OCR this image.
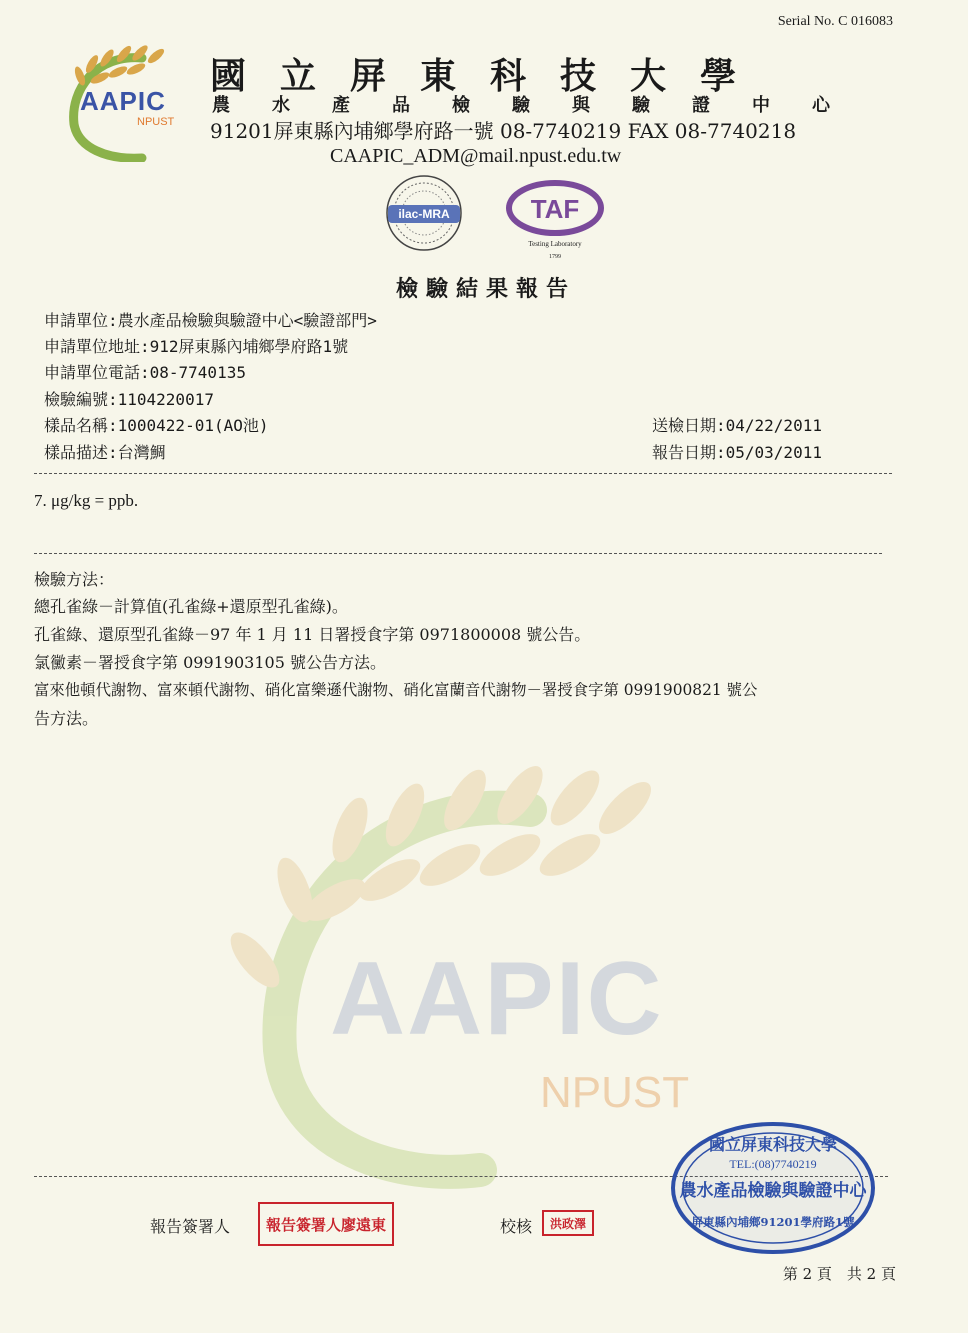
AAPIC
NPUST
Serial No. C 016083
AAPIC
NPUST
國立屏東科技大學
農水產品檢驗與驗證中心
91201屏東縣內埔鄉學府路一號 08-7740219 FAX 08-7740218
CAAPIC_ADM@mail.npust.edu.tw
ilac-MRA	TAF
Testing Laboratory
1799
檢驗結果報告
申請單位:農水產品檢驗與驗證中心<驗證部門>
申請單位地址:912屏東縣內埔鄉學府路1號
申請單位電話:08-7740135
檢驗編號:1104220017
樣品名稱:1000422-01(AO池)
樣品描述:台灣鯛
送檢日期:04/22/2011
報告日期:05/03/2011
7. μg/kg = ppb.
檢驗方法：
總孔雀綠－計算值(孔雀綠+還原型孔雀綠)。
孔雀綠、還原型孔雀綠－97 年 1 月 11 日署授食字第 0971800008 號公告。
氯黴素－署授食字第 0991903105 號公告方法。
富來他頓代謝物、富來頓代謝物、硝化富樂遜代謝物、硝化富蘭音代謝物－署授食字第 0991900821 號公
告方法。
報告簽署人	報告簽署人廖遠東	校核	洪政澤
國立屏東科技大學
TEL:(08)7740219
農水產品檢驗與驗證中心
屏東縣內埔鄉91201學府路1號
第 2 頁　共 2 頁
